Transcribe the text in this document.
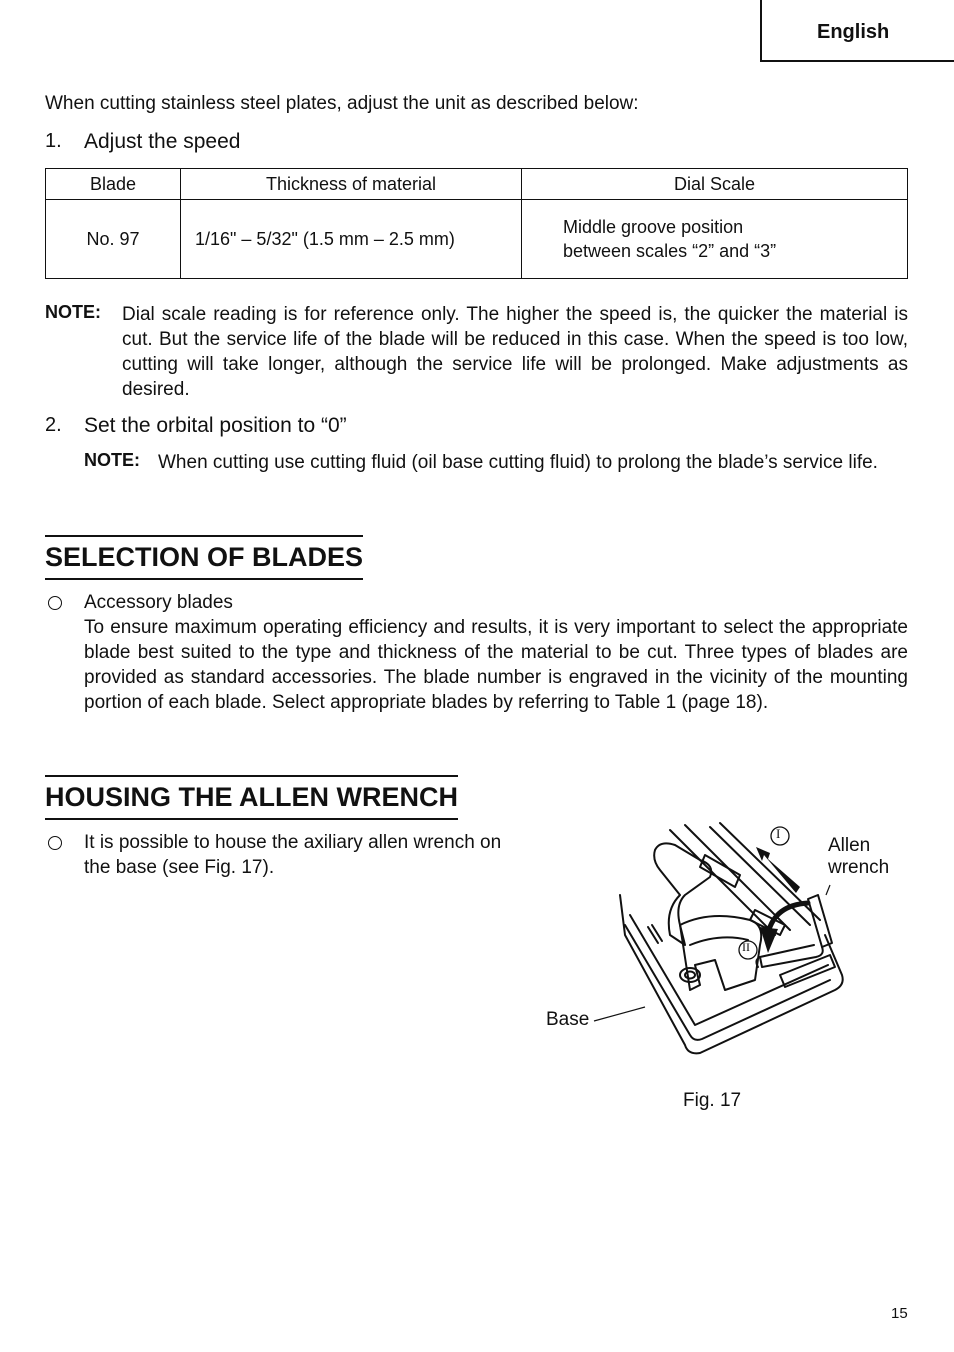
English
When cutting stainless steel plates, adjust the unit as described below:
1. Adjust the speed
Blade	Thickness of material	Dial Scale
No. 97	1/16" – 5/32" (1.5 mm – 2.5 mm)	Middle groove position
between scales “2” and “3”
NOTE: Dial scale reading is for reference only. The higher the speed is, the quicker the material is cut. But the service life of the blade will be reduced in this case. When the speed is too low, cutting will take longer, although the service life will be prolonged. Make adjustments as desired.
2. Set the orbital position to “0”
NOTE: When cutting use cutting fluid (oil base cutting fluid) to prolong the blade’s service life.
SELECTION OF BLADES
Accessory blades
To ensure maximum operating efficiency and results, it is very important to select the appropriate blade best suited to the type and thickness of the material to be cut. Three types of blades are provided as standard accessories. The blade number is engraved in the vicinity of the mounting portion of each blade. Select appropriate blades by referring to Table 1 (page 18).
HOUSING THE ALLEN WRENCH
It is possible to house the axiliary allen wrench on the base (see Fig. 17).
I
II
Allen
wrench
Base
Fig. 17
15
